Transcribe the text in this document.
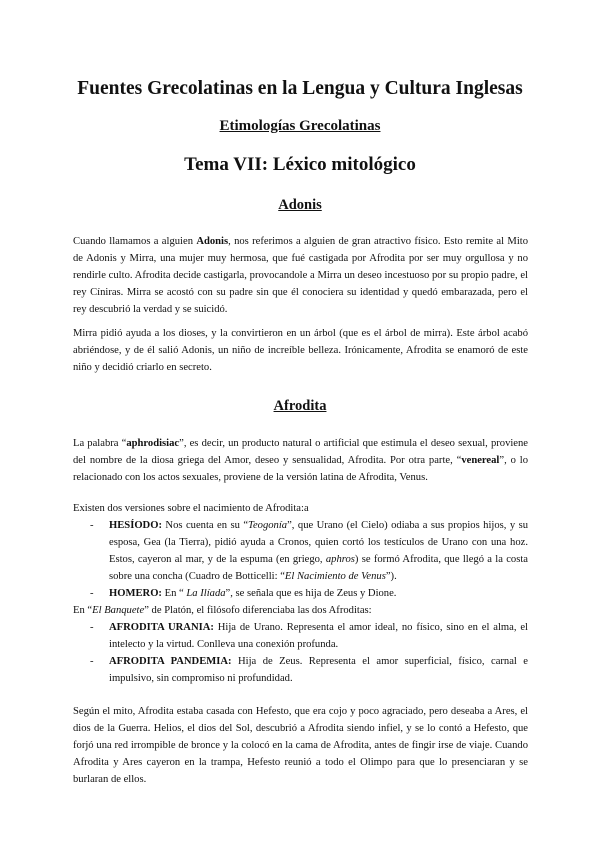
Fuentes Grecolatinas en la Lengua y Cultura Inglesas
Etimologías Grecolatinas
Tema VII: Léxico mitológico
Adonis

Cuando llamamos a alguien Adonis, nos referimos a alguien de gran atractivo físico. Esto remite al Mito de Adonis y Mirra, una mujer muy hermosa, que fué castigada por Afrodita por ser muy orgullosa y no rendirle culto. Afrodita decide castigarla, provocandole a Mirra un deseo incestuoso por su propio padre, el rey Cíniras. Mirra se acostó con su padre sin que él conociera su identidad y quedó embarazada, pero el rey descubrió la verdad y se suicidó.

Mirra pidió ayuda a los dioses, y la convirtieron en un árbol (que es el árbol de mirra). Este árbol acabó abriéndose, y de él salió Adonis, un niño de increíble belleza. Irónicamente, Afrodita se enamoró de este niño y decidió criarlo en secreto.

Afrodita

La palabra “aphrodisiac”, es decir, un producto natural o artificial que estimula el deseo sexual, proviene del nombre de la diosa griega del Amor, deseo y sensualidad, Afrodita. Por otra parte, “venereal”, o lo relacionado con los actos sexuales, proviene de la versión latina de Afrodita, Venus.

Existen dos versiones sobre el nacimiento de Afrodita:a

- HESÍODO: Nos cuenta en su “Teogonía”, que Urano (el Cielo) odiaba a sus propios hijos, y su esposa, Gea (la Tierra), pidió ayuda a Cronos, quien cortó los testículos de Urano con una hoz. Estos, cayeron al mar, y de la espuma (en griego, aphros) se formó Afrodita, que llegó a la costa sobre una concha (Cuadro de Botticelli: “El Nacimiento de Venus”).
- HOMERO: En “ La Ilíada”, se señala que es hija de Zeus y Dione.

En “El Banquete” de Platón, el filósofo diferenciaba las dos Afroditas:

- AFRODITA URANIA: Hija de Urano. Representa el amor ideal, no físico, sino en el alma, el intelecto y la virtud. Conlleva una conexión profunda.
- AFRODITA PANDEMIA: Hija de Zeus. Representa el amor superficial, físico, carnal e impulsivo, sin compromiso ni profundidad.

Según el mito, Afrodita estaba casada con Hefesto, que era cojo y poco agraciado, pero deseaba a Ares, el dios de la Guerra. Helios, el dios del Sol, descubrió a Afrodita siendo infiel, y se lo contó a Hefesto, que forjó una red irrompible de bronce y la colocó en la cama de Afrodita, antes de fingir irse de viaje. Cuando Afrodita y Ares cayeron en la trampa, Hefesto reunió a todo el Olimpo para que lo presenciaran y se burlaran de ellos.
